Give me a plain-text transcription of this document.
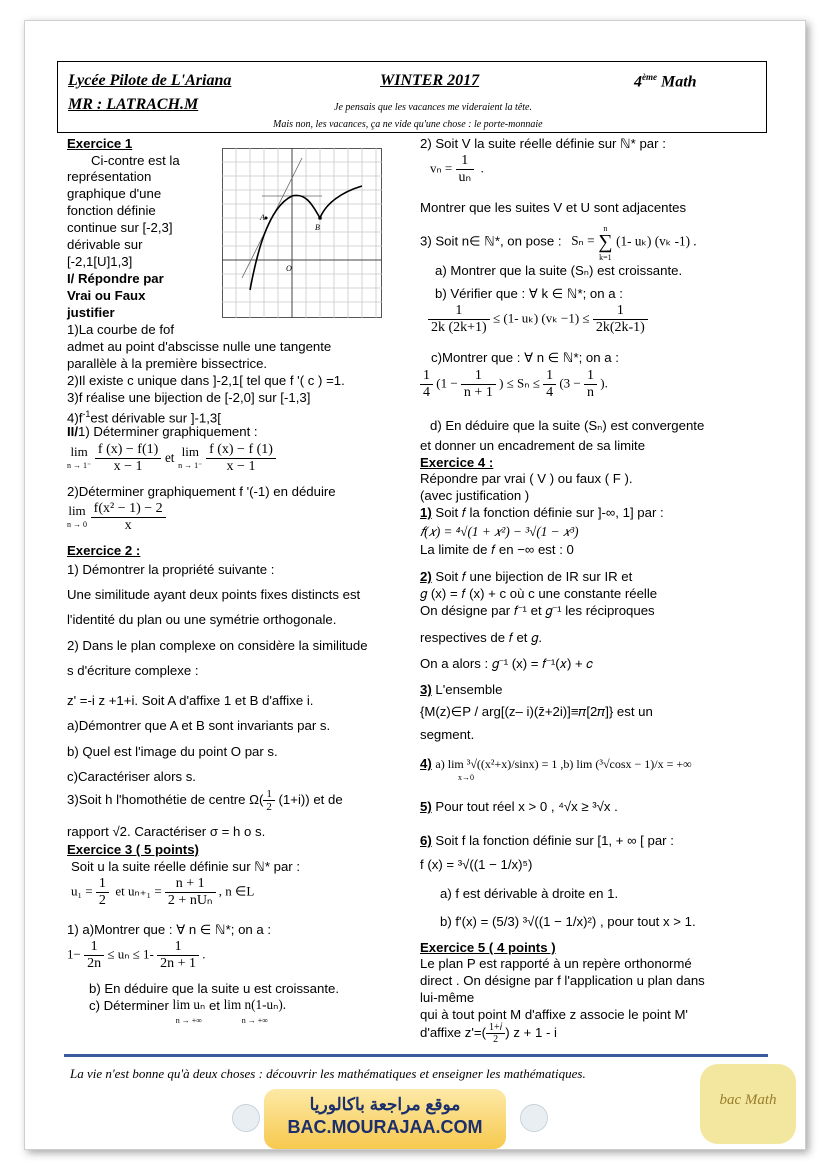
Lycée Pilote de L'Ariana	WINTER 2017	4ème Math
MR : LATRACH.M	Je pensais que les vacances me videraient la tête.
Mais non, les vacances, ça ne vide qu'une chose : le porte-monnaie
Exercice 1
Ci-contre est la
représentation
graphique d'une
fonction définie
continue sur [-2,3]
dérivable sur
[-2,1[U]1,3]
I/ Répondre par
Vrai ou Faux
justifier
1)La courbe de fof
admet au point d'abscisse nulle une tangente
parallèle à la première bissectrice.
2)Il existe c unique dans ]-2,1[ tel que f '( c ) =1.
3)f réalise une bijection de [-2,0] sur [-1,3]
$4)f^{-1}est$ dérivable sur ]-1,3[
II/1) Déterminer graphiquement :
lim
$n \to 1^- \frac{f (x) - f(1)}{x - 1}$ et lim
$n \to 1^- \frac{f (x) - f (1)}{x - 1}$
2)Déterminer graphiquement f '(-1) en déduire
lim
$n \to 0 \frac{\text{f(x² − 1) − 2}}{x}$
A
B
O
Exercice 2 :
1) Démontrer la propriété suivante :
Une similitude ayant deux points fixes distincts est
l'identité du plan ou une symétrie orthogonale.
2) Dans le plan complexe on considère la similitude
s d'écriture complexe :
z' =-i z +1+i. Soit A d'affixe 1 et B d'affixe i.
a)Démontrer que A et B sont invariants par s.
b) Quel est l'image du point O par s.
c)Caractériser alors s.
3)Soit h l'homothétie de centre $\Omega( \frac{1}{2} (1+i))$ et de
rapport √2. Caractériser σ = h o s.
Exercice 3 ( 5 points)
Soit u la suite réelle définie sur ℕ* par :
$u_1 = \frac{1}{2}$ et $u_{n+1} = \frac{n + 1}{\text{2 + nUₙ}}$ , n ∈L
1) a)Montrer que : ∀ n ∈ ℕ*; on a :
$1- \frac{1}{2n} \le u_n \le 1- \frac{1}{2n + 1}$ .
b) En déduire que la suite u est croissante.
c) Déterminer lim uₙ
n → +∞ et lim n(1-uₙ).
n → +∞
2) Soit V la suite réelle définie sur ℕ* par :
$v_n = \frac{1}{\text{uₙ}}$ .
Montrer que les suites V et U sont adjacentes
3) Soit n∈ ℕ*, on pose : Sₙ = n
∑
k=1 (1- uₖ) (vₖ -1) .
a) Montrer que la suite (Sₙ) est croissante.
b) Vérifier que : ∀ k ∈ ℕ*; on a :
$\frac{1}{2k (2k+1)} \le (1-$ uₖ) $(v_k -1) \le \frac{1}{2k(2k-1)}$
c)Montrer que : ∀ n ∈ ℕ*; on a :
$\frac{1}{4} (1 - \frac{1}{n + 1}$ ) ≤ $S_n \le \frac{1}{4} (3 - \frac{1}{n}$ ).
d) En déduire que la suite (Sₙ) est convergente
et donner un encadrement de sa limite
Exercice 4 :
Répondre par vrai ( V ) ou faux ( F ).
(avec justification )
1) Soit 𝑓 la fonction définie sur ]-∞, 1] par :
𝑓(𝑥) = ⁴√(1 + 𝑥²) − ³√(1 − 𝑥³)
La limite de 𝑓 en −∞ est : 0
2) Soit 𝑓 une bijection de IR sur IR et
𝑔 (x) = 𝑓 (x) + c où c une constante réelle
On désigne par 𝑓⁻¹ et 𝑔⁻¹ les réciproques
respectives de 𝑓 et 𝑔.
On a alors : 𝑔⁻¹ (x) = 𝑓⁻¹(𝑥) + 𝑐
3) L'ensemble
{M(z)∈P / arg[(z– i)(z̄+2i)]≡𝜋[2𝜋]} est un
segment.
4) a) lim ³√((x²+x)/sinx) = 1 ,b) lim (³√cosx − 1)/x = +∞
x→0
5) Pour tout réel x > 0 , ⁴√x ≥ ³√x .
6) Soit f la fonction définie sur [1, + ∞ [ par :
f (x) = ³√((1 − 1/x)⁵)
a) f est dérivable à droite en 1.
b) f'(x) = (5/3) ³√((1 − 1/x)²) , pour tout x > 1.
Exercice 5 ( 4 points )
Le plan P est rapporté à un repère orthonormé
direct . On désigne par f l'application u plan dans
lui-même
qui à tout point M d'affixe z associe le point M'
d'affixe $z'=( \frac{\text{1+𝑖}}{2}$ ) z + 1 - i
La vie n'est bonne qu'à deux choses : découvrir les mathématiques et enseigner les mathématiques.
موقع مراجعة باكالوريا
BAC.MOURAJAA.COM
bac Math
